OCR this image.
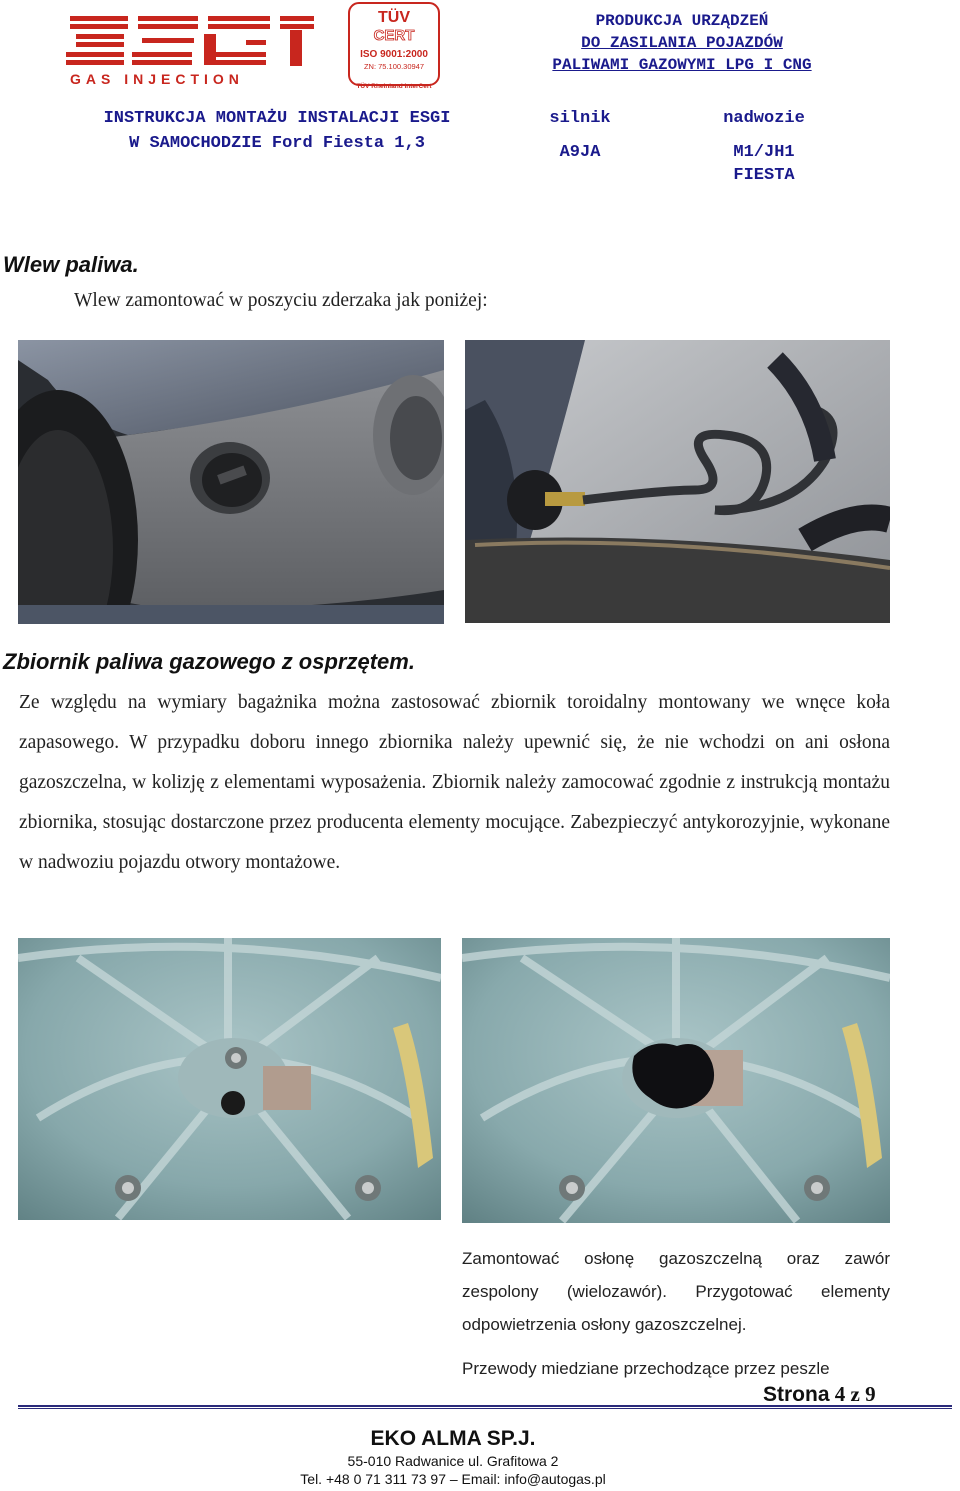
GAS INJECTION
TÜV
CERT
ISO 9001:2000
ZN: 75.100.30947
TÜV Rheinland InterCert
PRODUKCJA URZĄDZEŃ
DO ZASILANIA POJAZDÓW
PALIWAMI GAZOWYMI LPG I CNG
INSTRUKCJA MONTAŻU INSTALACJI ESGI
W SAMOCHODZIE Ford Fiesta 1,3
silnik
A9JA
nadwozie
M1/JH1
FIESTA
Wlew paliwa.
Wlew zamontować w poszyciu zderzaka jak poniżej:
Zbiornik paliwa gazowego z osprzętem.
Ze względu na wymiary bagażnika można zastosować zbiornik toroidalny montowany we wnęce koła zapasowego. W przypadku doboru innego zbiornika należy upewnić się, że nie wchodzi on ani osłona gazoszczelna, w kolizję z elementami wyposażenia. Zbiornik należy zamocować zgodnie z instrukcją montażu zbiornika, stosując dostarczone przez producenta elementy mocujące. Zabezpieczyć antykorozyjnie, wykonane w nadwoziu pojazdu otwory montażowe.
Zamontować osłonę gazoszczelną oraz zawór zespolony (wielozawór). Przygotować elementy odpowietrzenia osłony gazoszczelnej.
Przewody miedziane przechodzące przez peszle
Strona 4 z 9
EKO ALMA SP.J.
55-010 Radwanice ul. Grafitowa 2
Tel. +48 0 71 311 73 97 – Email: info@autogas.pl
